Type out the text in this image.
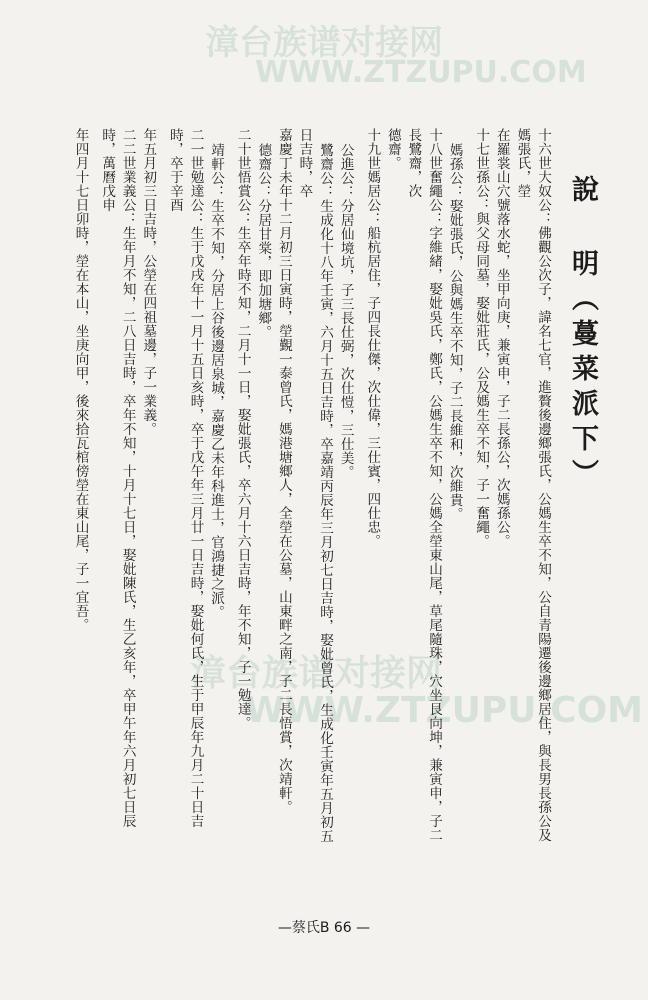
漳台族谱对接网
WWW.ZTZUPU.COM
漳台族谱对接网
WWW.ZTZUPU.COM
說 明（蔓菜派下）

十六世大奴公：佛觀公次子，諱名七官，進贅後邊鄉張氏，公媽生卒不知，公自青陽遷後邊鄉居住，與長男長孫公及媽張氏，塋

在羅裳山穴號落水蛇，坐甲向庚，兼寅申，子二長孫公，次媽孫公。

十七世孫公：與父母同墓，娶妣莊氏，公及媽生卒不知，子一奮繩。

媽孫公：娶妣張氏，公與媽生卒不知，子二長維和，次維貴。

十八世奮繩公：字維緒，娶妣吳氏，鄭氏，公媽生卒不知，公媽全塋東山尾，草尾隨珠，穴坐艮向坤，兼寅申，子二長鷺齋，次

德齋。

十九世媽居公：船杭居住，子四長仕傑，次仕偉，三仕賓，四仕忠。

公進公：分居仙境坑，子三長仕弼，次仕愷，三仕美。

鷺齋公：生成化十八年壬寅，六月十五日吉時，卒嘉靖丙辰年三月初七日吉時，娶妣曾氏，生成化壬寅年五月初五日吉時，卒

嘉慶丁未年十二月初三日寅時，塋覲一泰曾氏，媽港塘鄉人，全塋在公墓，山東畔之南，子二長悟賞，次靖軒。

德齋公：分居甘棠，即加塘鄉。

二十世悟賞公：生卒年時不知，二月十一日，娶妣張氏，卒六月十六日吉時，年不知，子一勉達。

靖軒公：生卒不知，分居上谷後邊居泉城，嘉慶乙未年科進士，官鴻捷之派。

二一世勉達公：生于戊戌年十一月十五日亥時，卒于戊午年三月廿一日吉時，娶妣何氏，生于甲辰年九月二十日吉時，卒于辛酉

年五月初三日吉時，公塋在四祖墓邊，子一業義。

二二世業義公：生年月不知，二八日吉時，卒年不知，十月十七日，娶妣陳氏，生乙亥年，卒甲午年六月初七日辰時，萬曆戊申

年四月十七日卯時，塋在本山，坐庚向甲，後來拾瓦棺傍塋在東山尾，子一宜吾。

—蔡氏B 66 —
